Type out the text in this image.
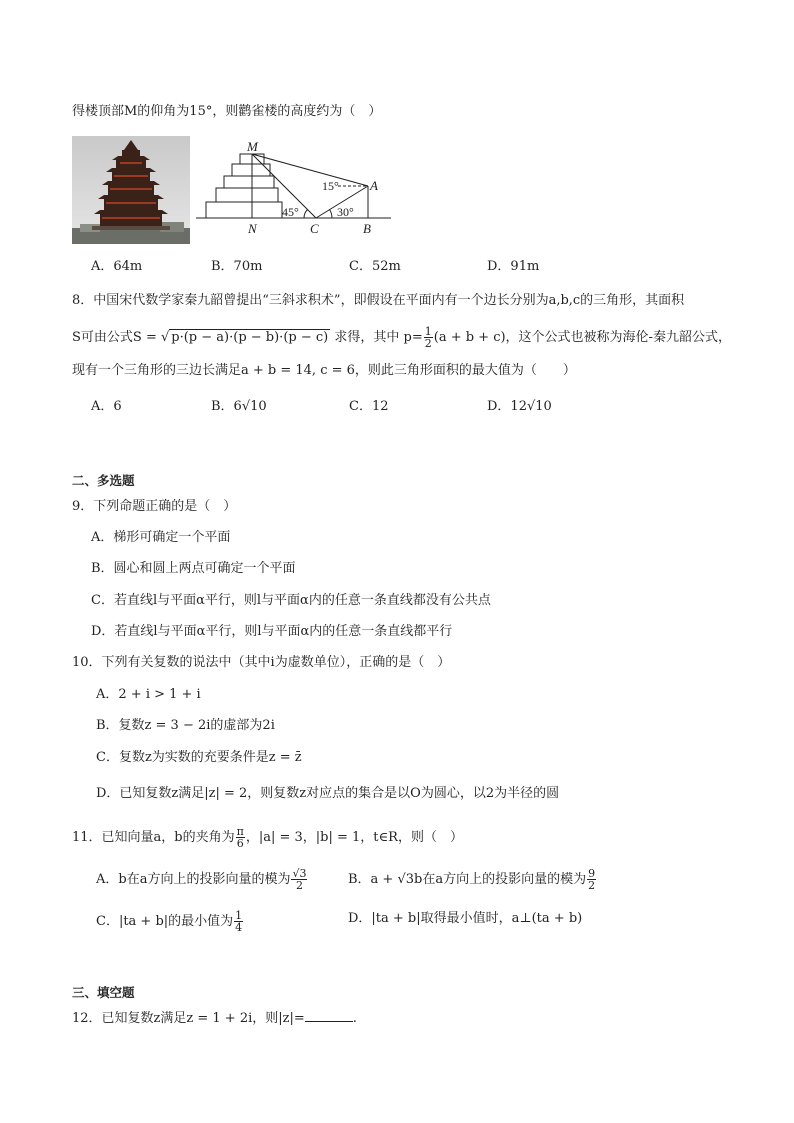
得楼顶部M的仰角为15°，则鹳雀楼的高度约为（　）
M
A
N	C	B
15°
45°	30°
A．64m	B．70m	C．52m	D．91m
8．中国宋代数学家秦九韶曾提出“三斜求积术”，即假设在平面内有一个边长分别为a,b,c的三角形，其面积
S可由公式S = √ p·(p − a)·(p − b)·(p − c) 求得，其中 $p= \frac{1}{2} (a + b + c)$，这个公式也被称为海伦-秦九韶公式，
现有一个三角形的三边长满足a + b = 14, c = 6，则此三角形面积的最大值为（　　）
A．6	B．6√10	C．12	D．12√10
二、多选题
9．下列命题正确的是（　）
A．梯形可确定一个平面
B．圆心和圆上两点可确定一个平面
C．若直线l与平面α平行，则l与平面α内的任意一条直线都没有公共点
D．若直线l与平面α平行，则l与平面α内的任意一条直线都平行
10．下列有关复数的说法中（其中i为虚数单位），正确的是（　）
A．2 + i > 1 + i
B．复数z = 3 − 2i的虚部为2i
C．复数z为实数的充要条件是z = z̄
D．已知复数z满足|z| = 2，则复数z对应点的集合是以O为圆心，以2为半径的圆
11．已知向量a，b的夹角为 $\frac{\pi}{6}$ ，|a| = 3，|b| = 1，t∈R，则（　）
A．b在a方向上的投影向量的模为 $\frac{√3}{2}$	B．a + √3b在a方向上的投影向量的模为 $\frac{9}{2}$
C．|ta + b|的最小值为 $\frac{1}{4}$	D．|ta + b|取得最小值时，a⊥(ta + b)
三、填空题
12．已知复数z满足z = 1 + 2i，则|z|=	.
